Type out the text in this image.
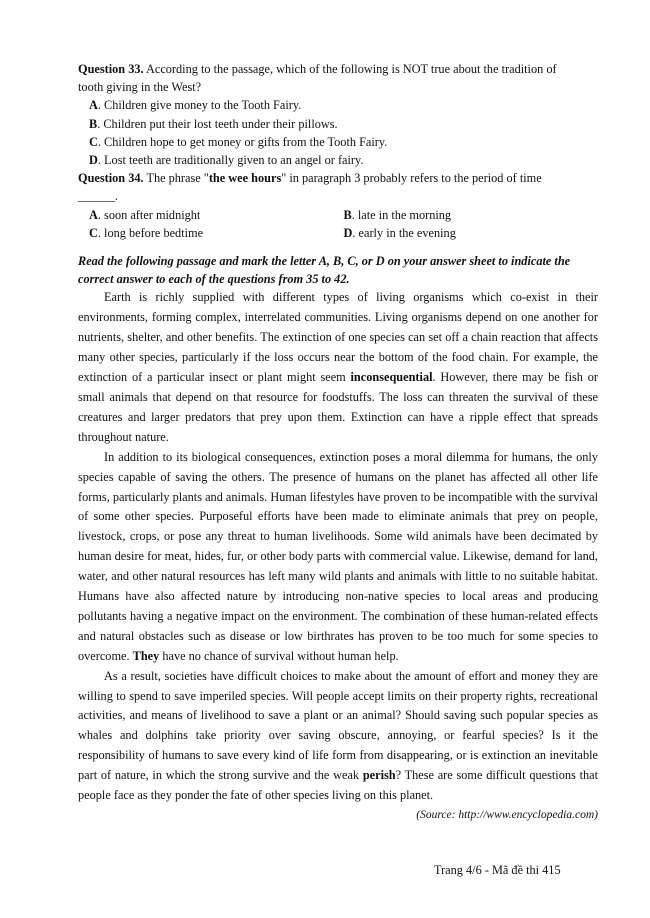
Question 33. According to the passage, which of the following is NOT true about the tradition of
tooth giving in the West?
A. Children give money to the Tooth Fairy.
B. Children put their lost teeth under their pillows.
C. Children hope to get money or gifts from the Tooth Fairy.
D. Lost teeth are traditionally given to an angel or fairy.
Question 34. The phrase "the wee hours" in paragraph 3 probably refers to the period of time
______.
A. soon after midnight	B. late in the morning
C. long before bedtime	D. early in the evening
Read the following passage and mark the letter A, B, C, or D on your answer sheet to indicate the correct answer to each of the questions from 35 to 42.

Earth is richly supplied with different types of living organisms which co-exist in their environments, forming complex, interrelated communities. Living organisms depend on one another for nutrients, shelter, and other benefits. The extinction of one species can set off a chain reaction that affects many other species, particularly if the loss occurs near the bottom of the food chain. For example, the extinction of a particular insect or plant might seem inconsequential. However, there may be fish or small animals that depend on that resource for foodstuffs. The loss can threaten the survival of these creatures and larger predators that prey upon them. Extinction can have a ripple effect that spreads throughout nature.

In addition to its biological consequences, extinction poses a moral dilemma for humans, the only species capable of saving the others. The presence of humans on the planet has affected all other life forms, particularly plants and animals. Human lifestyles have proven to be incompatible with the survival of some other species. Purposeful efforts have been made to eliminate animals that prey on people, livestock, crops, or pose any threat to human livelihoods. Some wild animals have been decimated by human desire for meat, hides, fur, or other body parts with commercial value. Likewise, demand for land, water, and other natural resources has left many wild plants and animals with little to no suitable habitat. Humans have also affected nature by introducing non-native species to local areas and producing pollutants having a negative impact on the environment. The combination of these human-related effects and natural obstacles such as disease or low birthrates has proven to be too much for some species to overcome. They have no chance of survival without human help.

As a result, societies have difficult choices to make about the amount of effort and money they are willing to spend to save imperiled species. Will people accept limits on their property rights, recreational activities, and means of livelihood to save a plant or an animal? Should saving such popular species as whales and dolphins take priority over saving obscure, annoying, or fearful species? Is it the responsibility of humans to save every kind of life form from disappearing, or is extinction an inevitable part of nature, in which the strong survive and the weak perish? These are some difficult questions that people face as they ponder the fate of other species living on this planet.

(Source: http://www.encyclopedia.com)
Trang 4/6 - Mã đề thi 415
